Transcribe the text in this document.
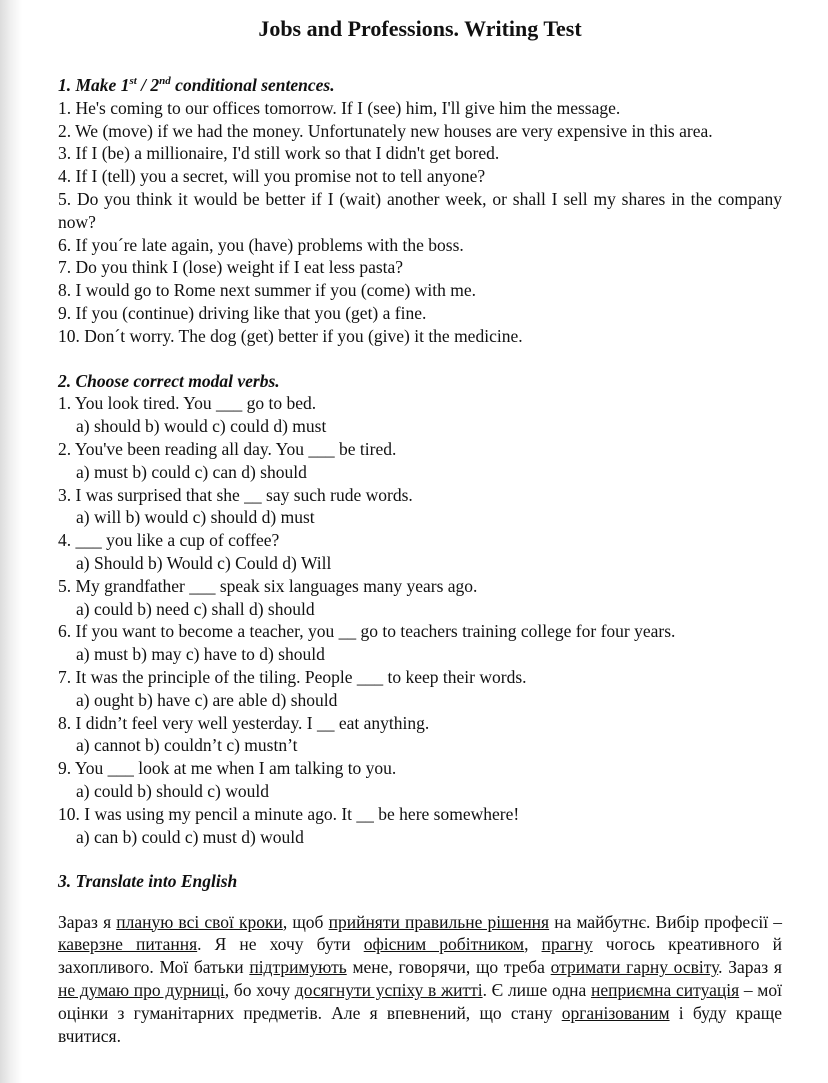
Jobs and Professions. Writing Test

1. Make 1st / 2nd conditional sentences.

1. He's coming to our offices tomorrow. If I (see) him, I'll give him the message.

2. We (move) if we had the money. Unfortunately new houses are very expensive in this area.

3. If I (be) a millionaire, I'd still work so that I didn't get bored.

4. If I (tell) you a secret, will you promise not to tell anyone?

5. Do you think it would be better if I (wait) another week, or shall I sell my shares in the company now?

6. If you´re late again, you (have) problems with the boss.

7. Do you think I (lose) weight if I eat less pasta?

8. I would go to Rome next summer if you (come) with me.

9. If you (continue) driving like that you (get) a fine.

10. Don´t worry. The dog (get) better if you (give) it the medicine.

2. Choose correct modal verbs.

1. You look tired. You ___ go to bed.

a) should b) would c) could d) must

2. You've been reading all day. You ___ be tired.

a) must b) could c) can d) should

3. I was surprised that she __ say such rude words.

a) will b) would c) should d) must

4. ___ you like a cup of coffee?

a) Should b) Would c) Could d) Will

5. My grandfather ___ speak six languages many years ago.

a) could b) need c) shall d) should

6. If you want to become a teacher, you __ go to teachers training college for four years.

a) must b) may c) have to d) should

7. It was the principle of the tiling. People ___ to keep their words.

a) ought b) have c) are able d) should

8. I didn’t feel very well yesterday. I __ eat anything.

a) cannot b) couldn’t c) mustn’t

9. You ___ look at me when I am talking to you.

a) could b) should c) would

10. I was using my pencil a minute ago. It __ be here somewhere!

a) can b) could c) must d) would

3. Translate into English

Зараз я планую всі свої кроки, щоб прийняти правильне рішення на майбутнє. Вибір професії – каверзне питання. Я не хочу бути офісним робітником, прагну чогось креативного й захопливого. Мої батьки підтримують мене, говорячи, що треба отримати гарну освіту. Зараз я не думаю про дурниці, бо хочу досягнути успіху в житті. Є лише одна неприємна ситуація – мої оцінки з гуманітарних предметів. Але я впевнений, що стану організованим і буду краще вчитися.
